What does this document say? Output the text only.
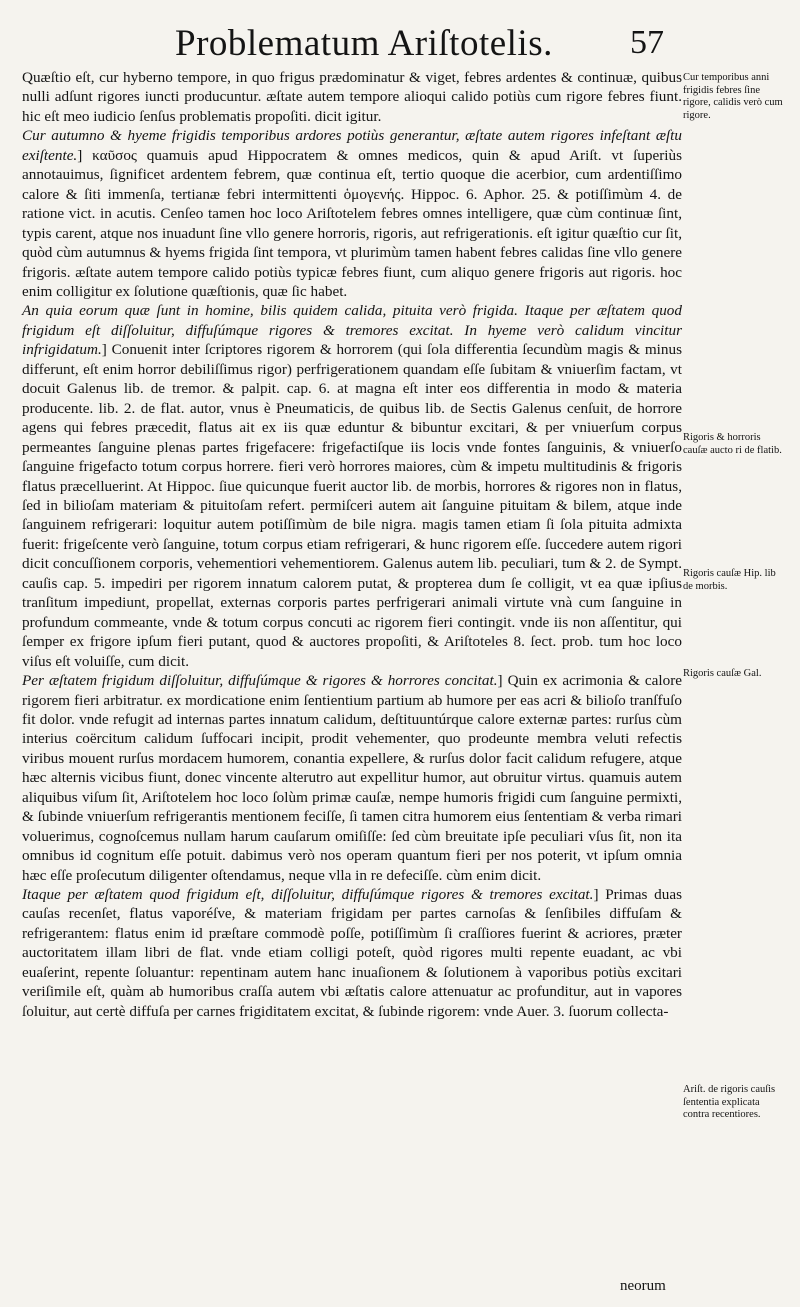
Problematum Ariſtotelis. 57

Quæſtio eſt, cur hyberno tempore, in quo frigus prædominatur & viget, febres ardentes & continuæ, quibus nulli adſunt rigores iuncti producuntur. æſtate autem tempore alioqui calido potiùs cum rigore febres fiunt. hic eſt meo iudicio ſenſus problematis propoſiti. dicit igitur.

Cur autumno & hyeme frigidis temporibus ardores potiùs generantur, æſtate autem rigores infeſtant æſtu exiſtente.] καῦσος quamuis apud Hippocratem & omnes medicos, quin & apud Ariſt. vt ſuperiùs annotauimus, ſignificet ardentem febrem, quæ continua eſt, tertio quoque die acerbior, cum ardentiſſimo calore & ſiti immenſa, tertianæ febri intermittenti ὁμογενής. Hippoc. 6. Aphor. 25. & potiſſimùm 4. de ratione vict. in acutis. Cenſeo tamen hoc loco Ariſtotelem febres omnes intelligere, quæ cùm continuæ ſint, typis carent, atque nos inuadunt ſine vllo genere horroris, rigoris, aut refrigerationis. eſt igitur quæſtio cur ſit, quòd cùm autumnus & hyems frigida ſint tempora, vt plurimùm tamen habent febres calidas ſine vllo genere frigoris. æſtate autem tempore calido potiùs typicæ febres fiunt, cum aliquo genere frigoris aut rigoris. hoc enim colligitur ex ſolutione quæſtionis, quæ ſic habet.

An quia eorum quæ ſunt in homine, bilis quidem calida, pituita verò frigida. Itaque per æſtatem quod frigidum eſt diſſoluitur, diffuſúmque rigores & tremores excitat. In hyeme verò calidum vincitur infrigidatum.] Conuenit inter ſcriptores rigorem & horrorem (qui ſola differentia ſecundùm magis & minus differunt, eſt enim horror debiliſſimus rigor) perfrigerationem quandam eſſe ſubitam & vniuerſim factam, vt docuit Galenus lib. de tremor. & palpit. cap. 6. at magna eſt inter eos differentia in modo & materia producente. lib. 2. de flat. autor, vnus è Pneumaticis, de quibus lib. de Sectis Galenus cenſuit, de horrore agens qui febres præcedit, flatus ait ex iis quæ eduntur & bibuntur excitari, & per vniuerſum corpus permeantes ſanguine plenas partes frigefacere: frigefactiſque iis locis vnde fontes ſanguinis, & vniuerſo ſanguine frigefacto totum corpus horrere. fieri verò horrores maiores, cùm & impetu multitudinis & frigoris flatus præcelluerint. At Hippoc. ſiue quicunque fuerit auctor lib. de morbis, horrores & rigores non in flatus, ſed in bilioſam materiam & pituitoſam refert. permiſceri autem ait ſanguine pituitam & bilem, atque inde ſanguinem refrigerari: loquitur autem potiſſimùm de bile nigra. magis tamen etiam ſi ſola pituita admixta fuerit: frigeſcente verò ſanguine, totum corpus etiam refrigerari, & hunc rigorem eſſe. ſuccedere autem rigori dicit concuſſionem corporis, vehementiori vehementiorem. Galenus autem lib. peculiari, tum & 2. de Sympt. cauſis cap. 5. impediri per rigorem innatum calorem putat, & propterea dum ſe colligit, vt ea quæ ipſius tranſitum impediunt, propellat, externas corporis partes perfrigerari animali virtute vnà cum ſanguine in profundum commeante, vnde & totum corpus concuti ac rigorem fieri contingit. vnde iis non aſſentitur, qui ſemper ex frigore ipſum fieri putant, quod & auctores propoſiti, & Ariſtoteles 8. ſect. prob. tum hoc loco viſus eſt voluiſſe, cum dicit.

Per æſtatem frigidum diſſoluitur, diffuſúmque & rigores & horrores concitat.] Quin ex acrimonia & calore rigorem fieri arbitratur. ex mordicatione enim ſentientium partium ab humore per eas acri & bilioſo tranſfuſo fit dolor. vnde refugit ad internas partes innatum calidum, deſtituuntúrque calore externæ partes: rurſus cùm interius coërcitum calidum ſuffocari incipit, prodit vehementer, quo prodeunte membra veluti refectis viribus mouent rurſus mordacem humorem, conantia expellere, & rurſus dolor facit calidum refugere, atque hæc alternis vicibus fiunt, donec vincente alterutro aut expellitur humor, aut obruitur virtus. quamuis autem aliquibus viſum ſit, Ariſtotelem hoc loco ſolùm primæ cauſæ, nempe humoris frigidi cum ſanguine permixti, & ſubinde vniuerſum refrigerantis mentionem feciſſe, ſi tamen citra humorem eius ſententiam & verba rimari voluerimus, cognoſcemus nullam harum cauſarum omiſiſſe: ſed cùm breuitate ipſe peculiari vſus ſit, non ita omnibus id cognitum eſſe potuit. dabimus verò nos operam quantum fieri per nos poterit, vt ipſum omnia hæc eſſe proſecutum diligenter oſtendamus, neque vlla in re defeciſſe. cùm enim dicit.

Itaque per æſtatem quod frigidum eſt, diſſoluitur, diffuſúmque rigores & tremores excitat.] Primas duas cauſas recenſet, flatus vaporéſve, & materiam frigidam per partes carnoſas & ſenſibiles diffuſam & refrigerantem: flatus enim id præſtare commodè poſſe, potiſſimùm ſi craſſiores fuerint & acriores, præter auctoritatem illam libri de flat. vnde etiam colligi poteſt, quòd rigores multi repente euadant, ac vbi euaſerint, repente ſoluantur: repentinam autem hanc inuaſionem & ſolutionem à vaporibus potiùs excitari veriſimile eſt, quàm ab humoribus craſſa autem vbi æſtatis calore attenuatur ac profunditur, aut in vapores ſoluitur, aut certè diffuſa per carnes frigiditatem excitat, & ſubinde rigorem: vnde Auer. 3. ſuorum collecta-

Cur temporibus anni frigidis febres ſine rigore, calidis verò cum rigore.
Rigoris & horroris cauſæ aucto ri de flatib.
Rigoris cauſæ Hip. lib de morbis.
Rigoris cauſæ Gal.
Ariſt. de rigoris cauſis ſententia explicata contra recentiores.
neorum
